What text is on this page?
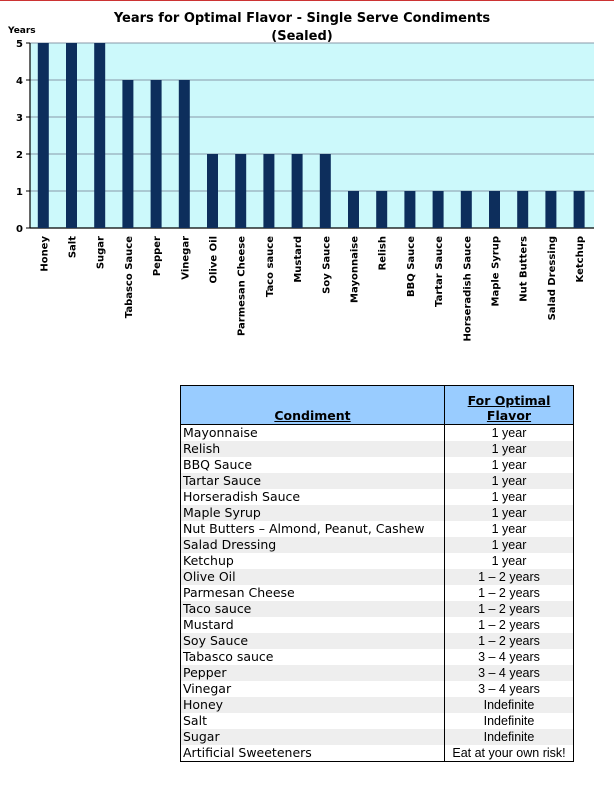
0
1
2
3
4
5
Years for Optimal Flavor - Single Serve Condiments
(Sealed)
Years
Honey Salt Sugar Tabasco Sauce Pepper Vinegar Olive Oil Parmesan Cheese Taco sauce Mustard Soy Sauce Mayonnaise Relish BBQ Sauce Tartar Sauce Horseradish Sauce Maple Syrup Nut Butters Salad Dressing Ketchup
Condiment	For Optimal Flavor
Mayonnaise	1 year
Relish	1 year
BBQ Sauce	1 year
Tartar Sauce	1 year
Horseradish Sauce	1 year
Maple Syrup	1 year
Nut Butters – Almond, Peanut, Cashew	1 year
Salad Dressing	1 year
Ketchup	1 year
Olive Oil	1 – 2 years
Parmesan Cheese	1 – 2 years
Taco sauce	1 – 2 years
Mustard	1 – 2 years
Soy Sauce	1 – 2 years
Tabasco sauce	3 – 4 years
Pepper	3 – 4 years
Vinegar	3 – 4 years
Honey	Indefinite
Salt	Indefinite
Sugar	Indefinite
Artificial Sweeteners	Eat at your own risk!
